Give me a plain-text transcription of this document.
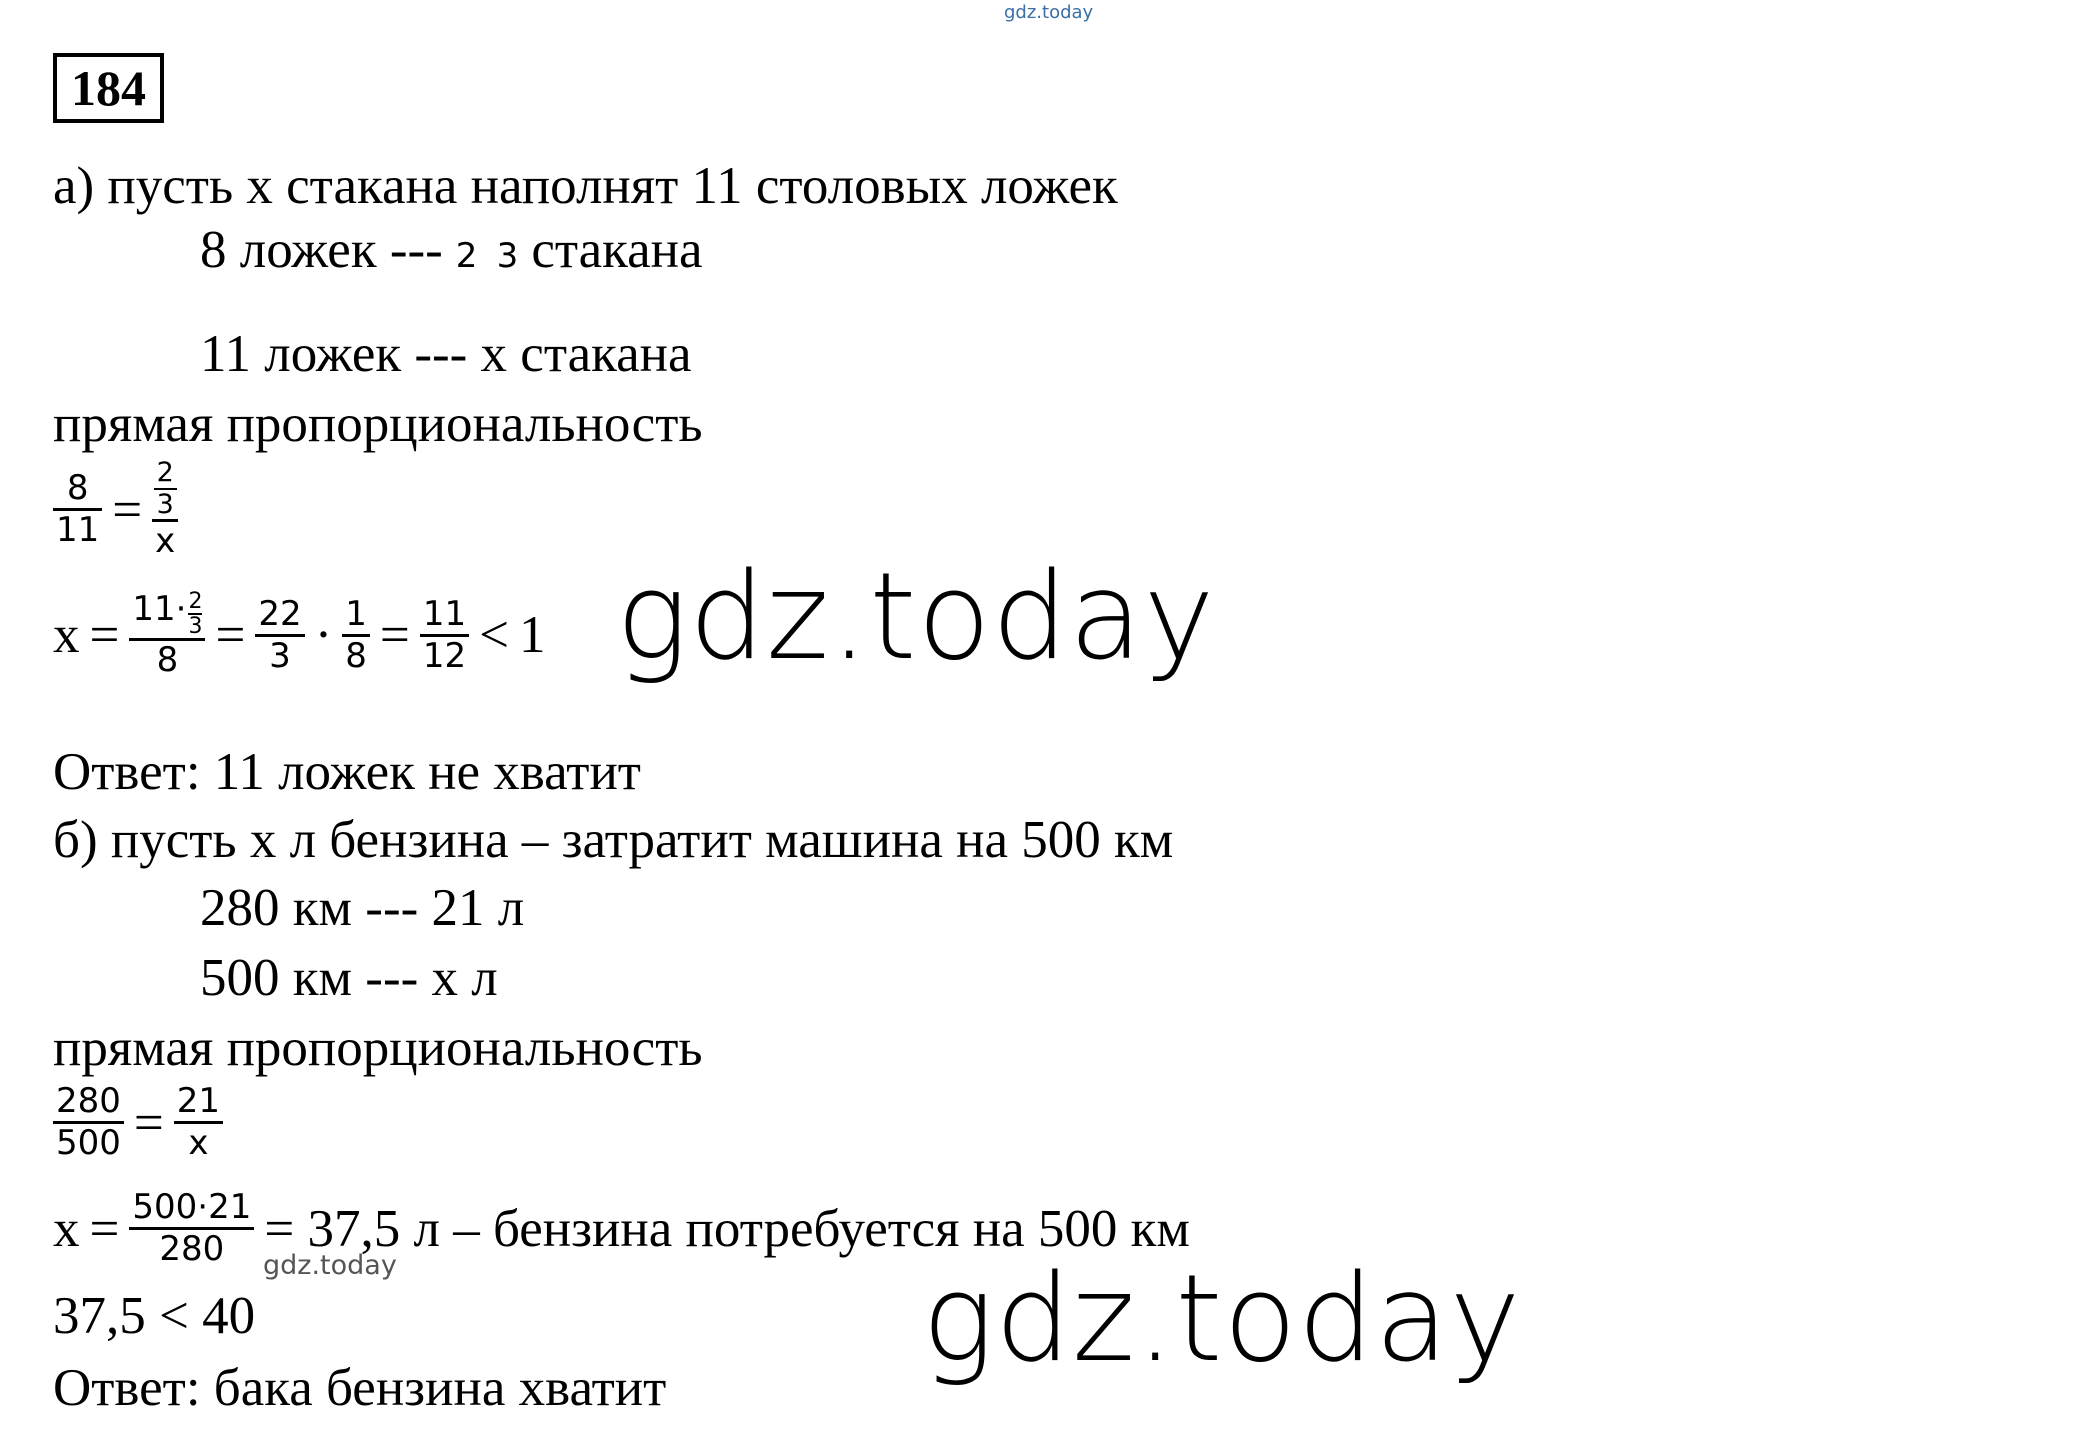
gdz.today
184
а) пусть х стакана наполнят 11 столовых ложек
8 ложек --- 2 3 стакана
11 ложек --- х стакана
прямая пропорциональность
$\frac{8}{11} = \frac{\frac{2}{3}}{x}$
$x = \frac{11\cdot \frac{2}{3}}{8} = \frac{22}{3} \cdot \frac{1}{8} = \frac{11}{12} < 1$ gdz.today
Ответ: 11 ложек не хватит
б) пусть х л бензина – затратит машина на 500 км
280 км --- 21 л
500 км --- х л
прямая пропорциональность
$\frac{280}{500} = \frac{21}{x}$
$x = \frac{500\cdot 21}{280} = 37,5$ л – бензина потребуется на 500 км
gdz.today
37,5 < 40	gdz.today
Ответ: бака бензина хватит
